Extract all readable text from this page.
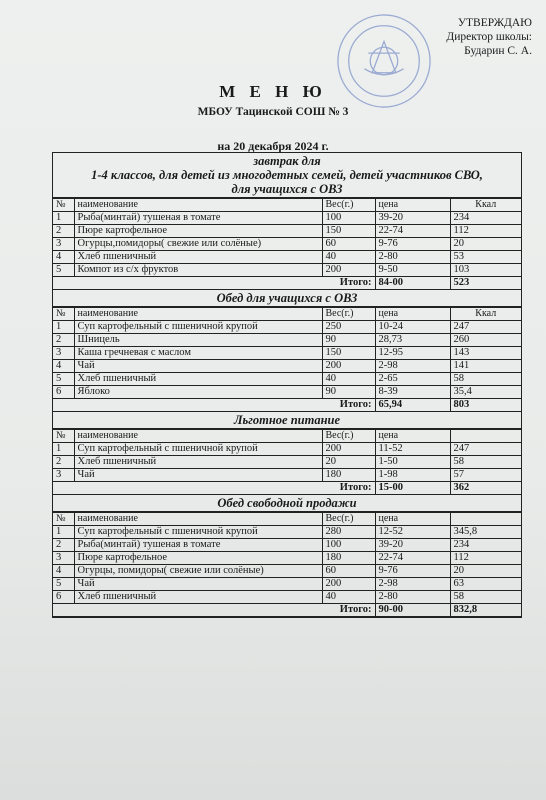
УТВЕРЖДАЮ
Директор школы:
Бударин С. А.
М Е Н Ю
МБОУ Тацинской СОШ № 3
на 20 декабря 2024 г.
завтрак для
1-4 классов, для детей из многодетных семей, детей участников СВО,
для учащихся с ОВЗ
№	наименование	Вес(г.)	цена	Ккал
1	Рыба(минтай) тушеная в томате	100	39-20	234
2	Пюре картофельное	150	22-74	112
3	Огурцы,помидоры( свежие или солёные)	60	9-76	20
4	Хлеб пшеничный	40	2-80	53
5	Компот из с/х фруктов	200	9-50	103
Итого:			84-00	523
Обед для учащихся с ОВЗ
№	наименование	Вес(г.)	цена	Ккал
1	Суп картофельный с пшеничной крупой	250	10-24	247
2	Шницель	90	28,73	260
3	Каша гречневая с маслом	150	12-95	143
4	Чай	200	2-98	141
5	Хлеб пшеничный	40	2-65	58
6	Яблоко	90	8-39	35,4
Итого:			65,94	803
Льготное питание
№	наименование	Вес(г.)	цена	
1	Суп картофельный с пшеничной крупой	200	11-52	247
2	Хлеб пшеничный	20	1-50	58
3	Чай	180	1-98	57
Итого:			15-00	362
Обед свободной продажи
№	наименование	Вес(г.)	цена	
1	Суп картофельный с пшеничной крупой	280	12-52	345,8
2	Рыба(минтай) тушеная в томате	100	39-20	234
3	Пюре картофельное	180	22-74	112
4	Огурцы, помидоры( свежие или солёные)	60	9-76	20
5	Чай	200	2-98	63
6	Хлеб пшеничный	40	2-80	58
Итого:			90-00	832,8
